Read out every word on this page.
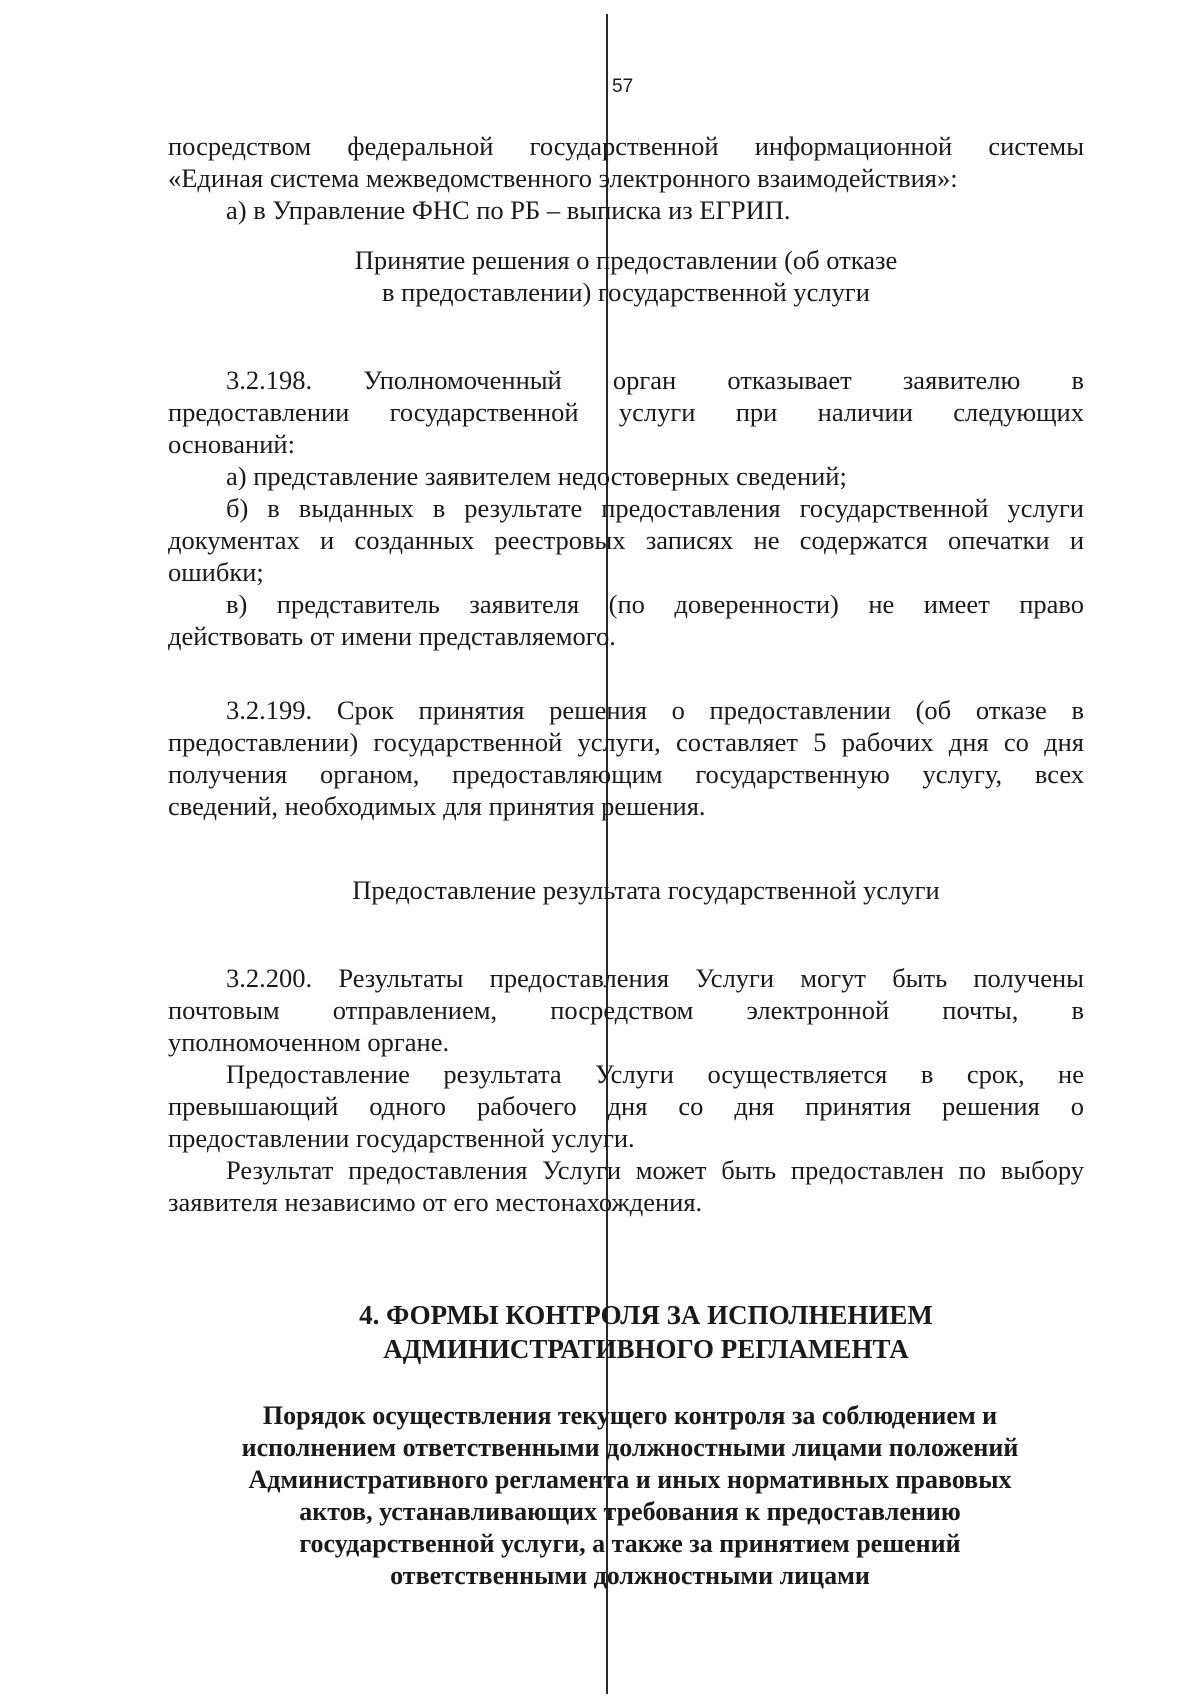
57
посредством федеральной государственной информационной системы
«Единая система межведомственного электронного взаимодействия»:
а) в Управление ФНС по РБ – выписка из ЕГРИП.
Принятие решения о предоставлении (об отказе
в предоставлении) государственной услуги
3.2.198. Уполномоченный орган отказывает заявителю в
предоставлении государственной услуги при наличии следующих
оснований:
а) представление заявителем недостоверных сведений;
б) в выданных в результате предоставления государственной услуги
документах и созданных реестровых записях не содержатся опечатки и
ошибки;
в) представитель заявителя (по доверенности) не имеет право
действовать от имени представляемого.
3.2.199. Срок принятия решения о предоставлении (об отказе в
предоставлении) государственной услуги, составляет 5 рабочих дня со дня
получения органом, предоставляющим государственную услугу, всех
сведений, необходимых для принятия решения.
Предоставление результата государственной услуги
3.2.200. Результаты предоставления Услуги могут быть получены
почтовым отправлением, посредством электронной почты, в
уполномоченном органе.
Предоставление результата Услуги осуществляется в срок, не
превышающий одного рабочего дня со дня принятия решения о
предоставлении государственной услуги.
Результат предоставления Услуги может быть предоставлен по выбору
заявителя независимо от его местонахождения.
4. ФОРМЫ КОНТРОЛЯ ЗА ИСПОЛНЕНИЕМ
АДМИНИСТРАТИВНОГО РЕГЛАМЕНТА
Порядок осуществления текущего контроля за соблюдением и
исполнением ответственными должностными лицами положений
Административного регламента и иных нормативных правовых
актов, устанавливающих требования к предоставлению
государственной услуги, а также за принятием решений
ответственными должностными лицами
